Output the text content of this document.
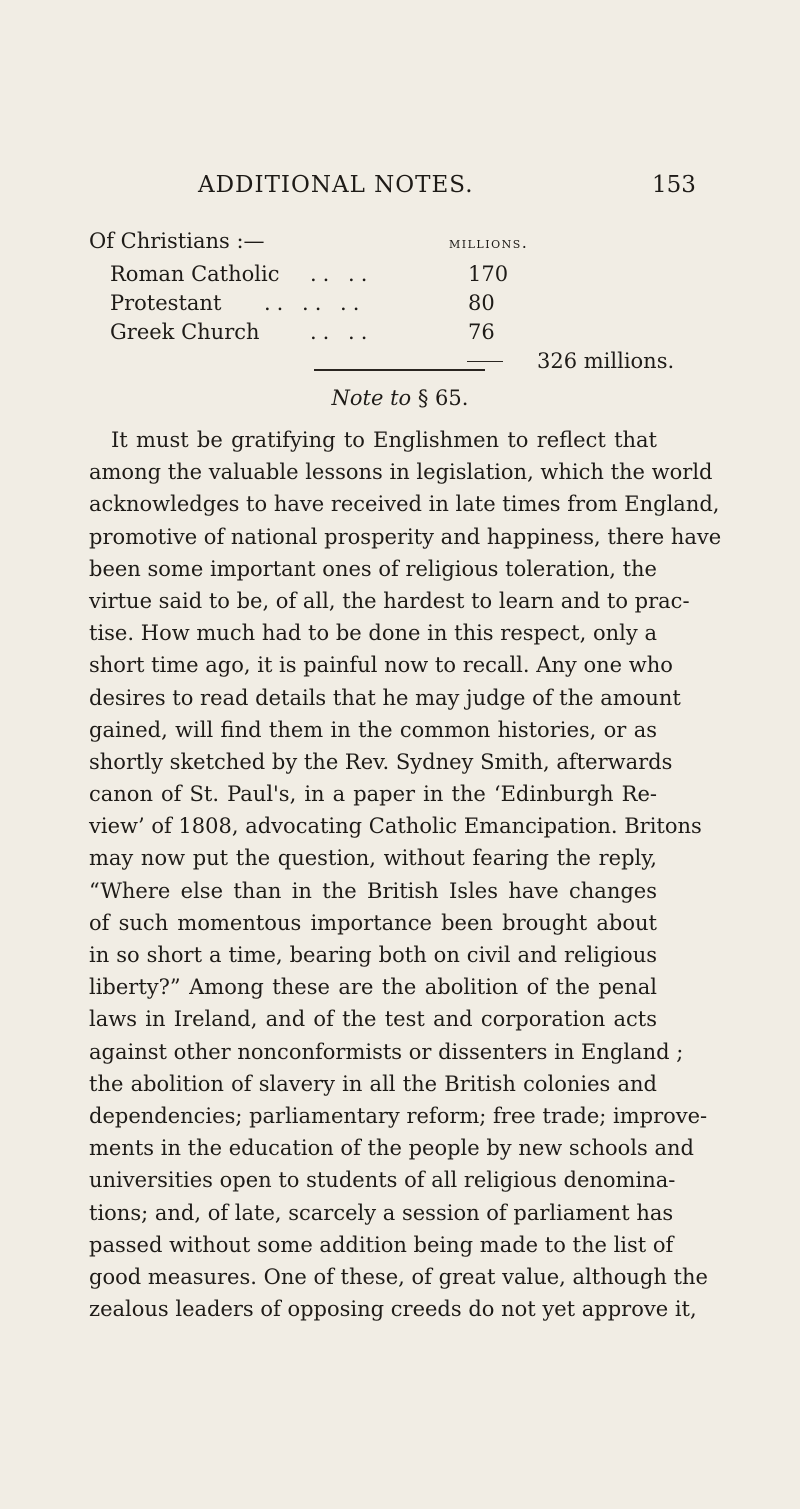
ADDITIONAL NOTES.	153
Of Christians :—	millions.
Roman Catholic .. ..	170
Protestant .. .. ..	80
Greek Church .. ..	76
326 millions.
Note to § 65.
It must be gratifying to Englishmen to reflect that
among the valuable lessons in legislation, which the world
acknowledges to have received in late times from England,
promotive of national prosperity and happiness, there have
been some important ones of religious toleration, the
virtue said to be, of all, the hardest to learn and to prac-
tise. How much had to be done in this respect, only a
short time ago, it is painful now to recall. Any one who
desires to read details that he may judge of the amount
gained, will find them in the common histories, or as
shortly sketched by the Rev. Sydney Smith, afterwards
canon of St. Paul's, in a paper in the ‘Edinburgh Re-
view’ of 1808, advocating Catholic Emancipation. Britons
may now put the question, without fearing the reply,
“Where else than in the British Isles have changes
of such momentous importance been brought about
in so short a time, bearing both on civil and religious
liberty?” Among these are the abolition of the penal
laws in Ireland, and of the test and corporation acts
against other nonconformists or dissenters in England ;
the abolition of slavery in all the British colonies and
dependencies; parliamentary reform; free trade; improve-
ments in the education of the people by new schools and
universities open to students of all religious denomina-
tions; and, of late, scarcely a session of parliament has
passed without some addition being made to the list of
good measures. One of these, of great value, although the
zealous leaders of opposing creeds do not yet approve it,
